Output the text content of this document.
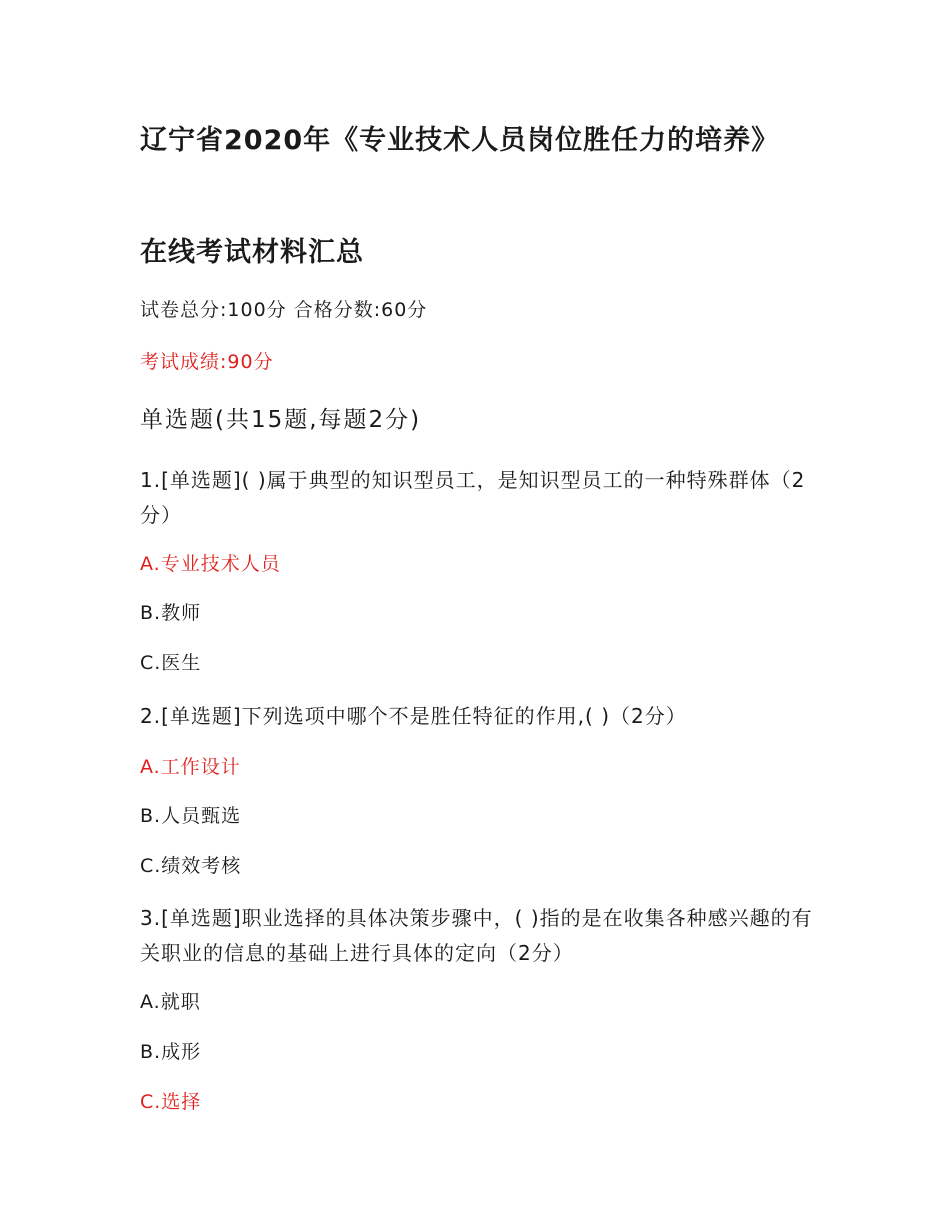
辽宁省2020年《专业技术人员岗位胜任力的培养》
在线考试材料汇总

试卷总分:100分 合格分数:60分

考试成绩:90分

单选题(共15题,每题2分)

1.[单选题]( )属于典型的知识型员工，是知识型员工的一种特殊群体（2分）

A.专业技术人员

B.教师

C.医生

2.[单选题]下列选项中哪个不是胜任特征的作用,( )（2分）

A.工作设计

B.人员甄选

C.绩效考核

3.[单选题]职业选择的具体决策步骤中，( )指的是在收集各种感兴趣的有关职业的信息的基础上进行具体的定向（2分）

A.就职

B.成形

C.选择
